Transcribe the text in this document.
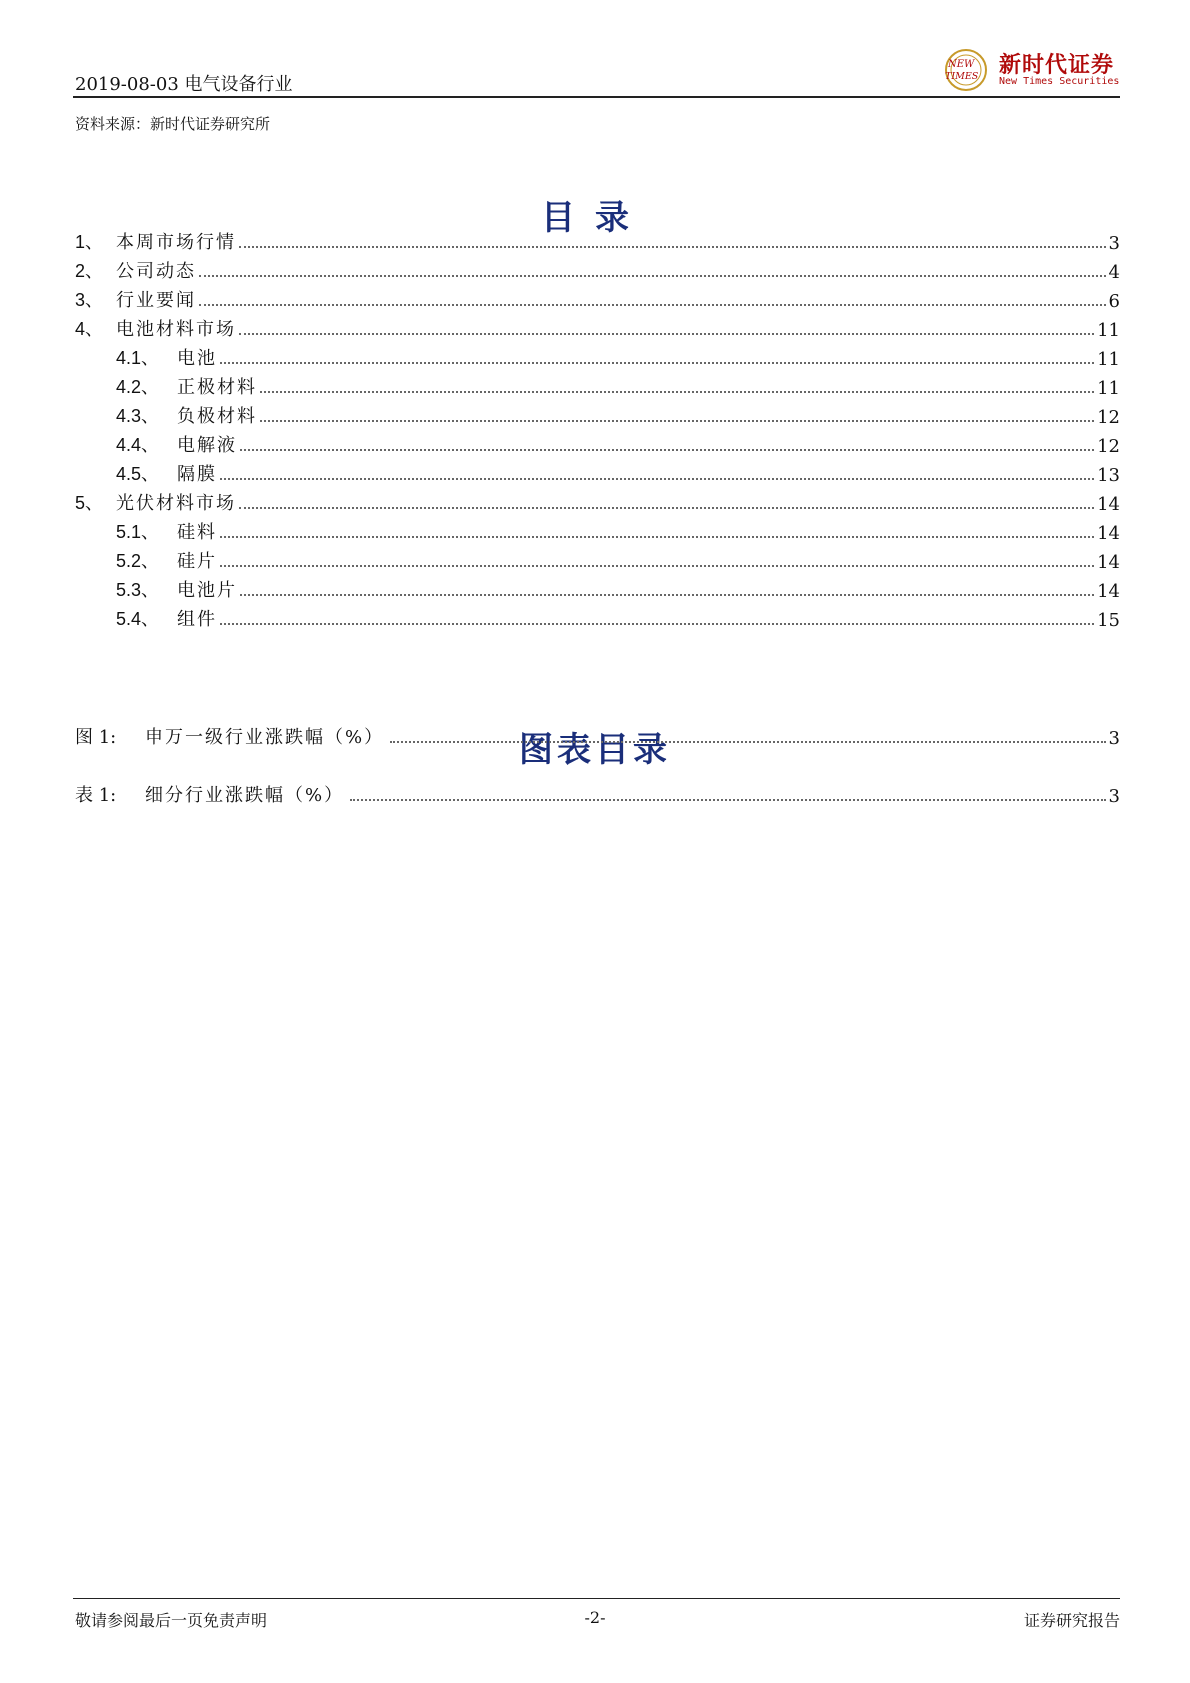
2019-08-03 电气设备行业
NEW
TIMES 新时代证券
New Times Securities
资料来源：新时代证券研究所
目录
1、 本周市场行情	3
2、 公司动态	4
3、 行业要闻	6
4、 电池材料市场	11
4.1、 电池	11
4.2、 正极材料	11
4.3、 负极材料	12
4.4、 电解液	12
4.5、 隔膜	13
5、 光伏材料市场	14
5.1、 硅料	14
5.2、 硅片	14
5.3、 电池片	14
5.4、 组件	15
图表目录
图 1:	申万一级行业涨跌幅（%）	3
表 1:	细分行业涨跌幅（%）	3
敬请参阅最后一页免责声明	-2-	证券研究报告
